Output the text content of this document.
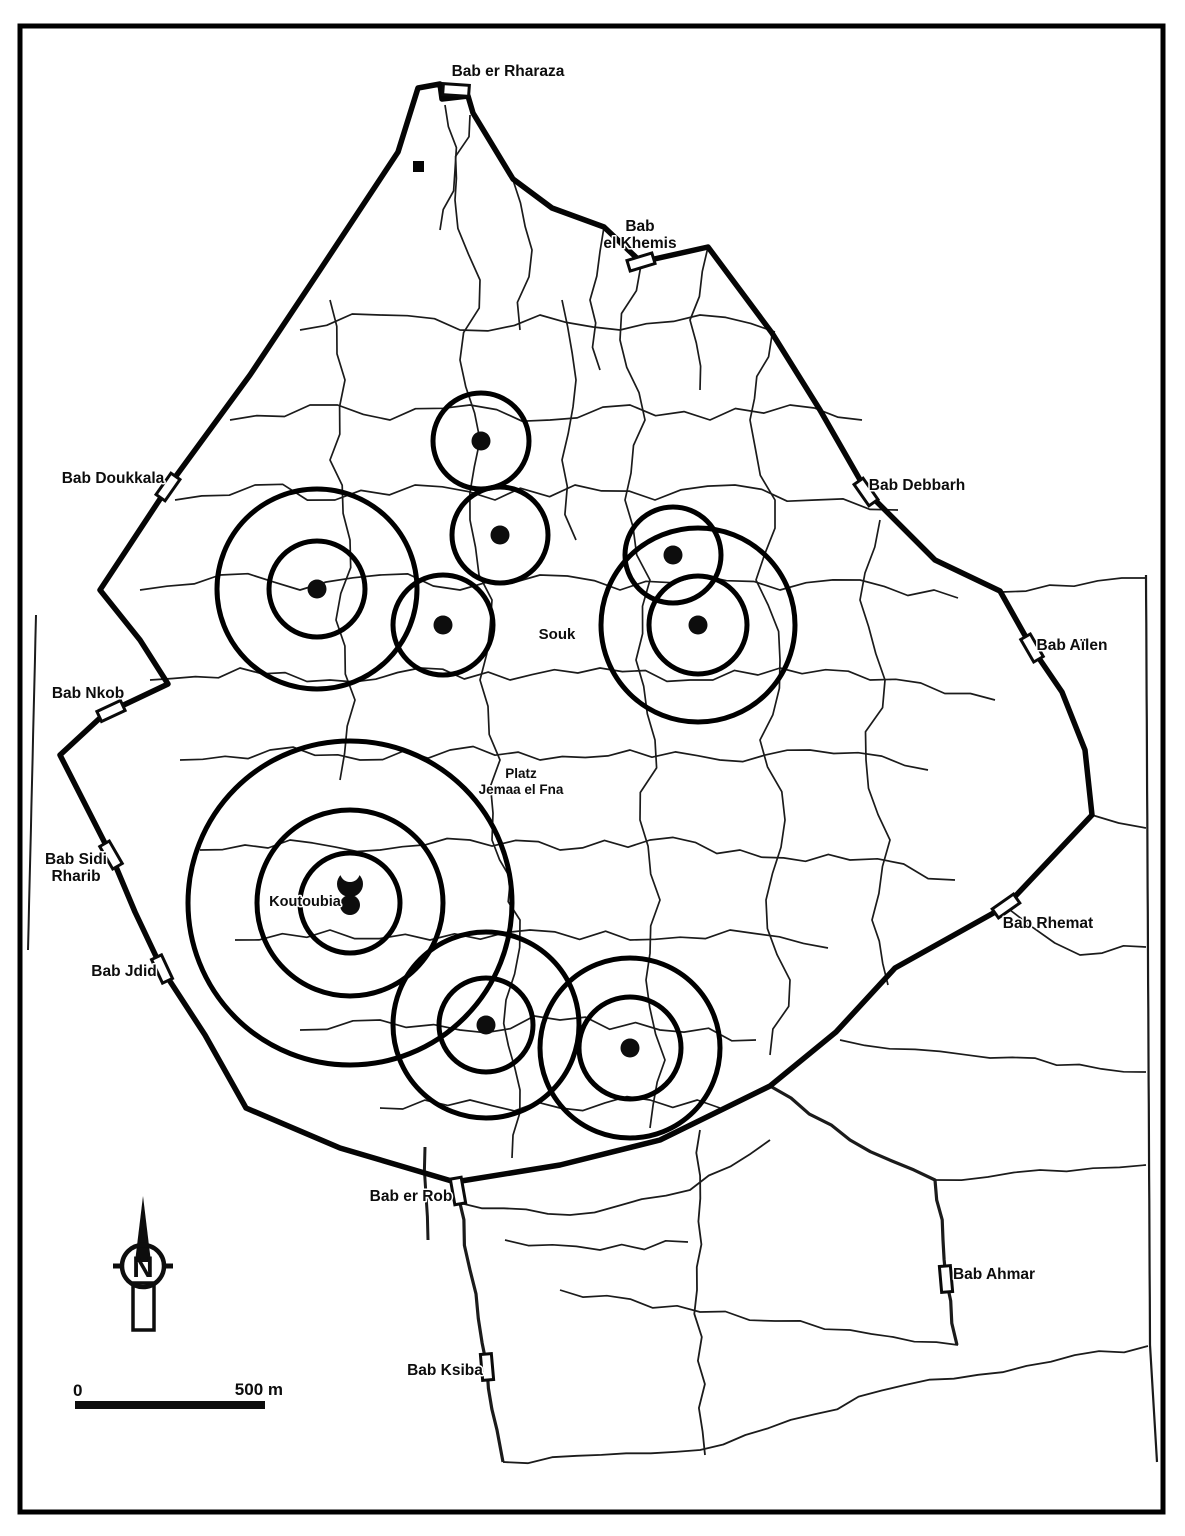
Bab er Rharaza
Bab el Khemis
Bab Doukkala	Bab Debbarh
Bab Aïlen
Bab Nkob
Bab Sidi Rharib
Bab Jdid
Bab Rhemat
Bab er Rob
Bab Ahmar
Bab Ksiba
Souk
Platz Jemaa el Fna
Koutoubia
N
0	500 m
